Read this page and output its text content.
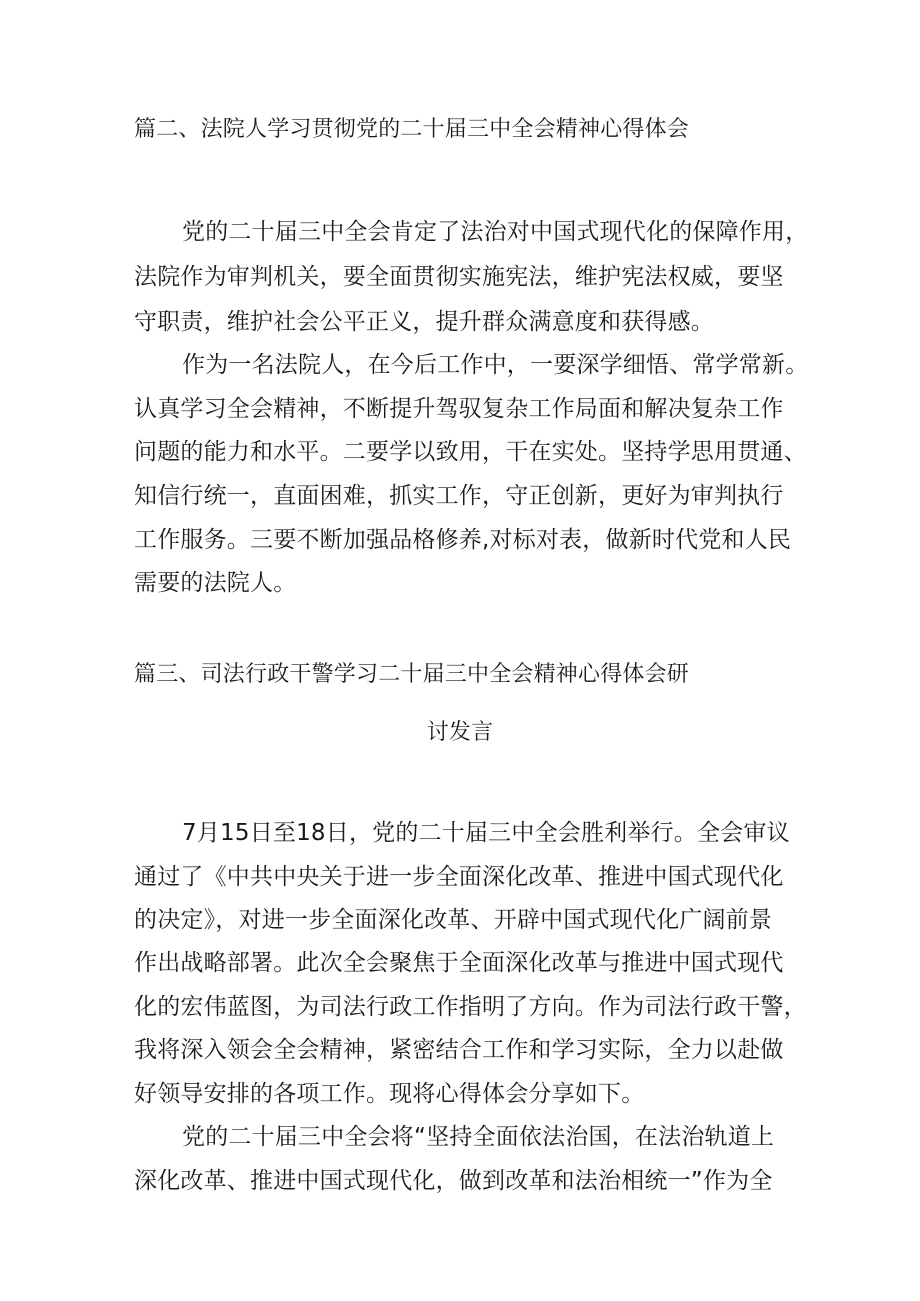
篇二、法院人学习贯彻党的二十届三中全会精神心得体会
党的二十届三中全会肯定了法治对中国式现代化的保障作用，
法院作为审判机关，要全面贯彻实施宪法，维护宪法权威，要坚
守职责，维护社会公平正义，提升群众满意度和获得感。
作为一名法院人，在今后工作中，一要深学细悟、常学常新。
认真学习全会精神，不断提升驾驭复杂工作局面和解决复杂工作
问题的能力和水平。二要学以致用，干在实处。坚持学思用贯通、
知信行统一，直面困难，抓实工作，守正创新，更好为审判执行
工作服务。三要不断加强品格修养,对标对表，做新时代党和人民
需要的法院人。
篇三、司法行政干警学习二十届三中全会精神心得体会研
讨发言
7月15日至18日，党的二十届三中全会胜利举行。全会审议
通过了《中共中央关于进一步全面深化改革、推进中国式现代化
的决定》，对进一步全面深化改革、开辟中国式现代化广阔前景
作出战略部署。此次全会聚焦于全面深化改革与推进中国式现代
化的宏伟蓝图，为司法行政工作指明了方向。作为司法行政干警，
我将深入领会全会精神，紧密结合工作和学习实际，全力以赴做
好领导安排的各项工作。现将心得体会分享如下。
党的二十届三中全会将“坚持全面依法治国，在法治轨道上
深化改革、推进中国式现代化，做到改革和法治相统一”作为全
